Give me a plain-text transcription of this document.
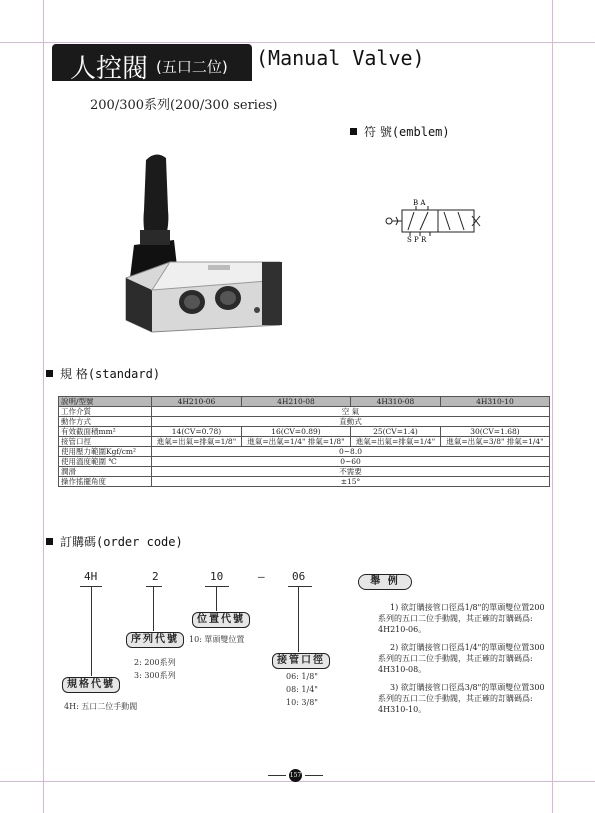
人控閥 (五口二位) (Manual Valve)
200/300系列(200/300 series)
符 號(emblem)
B A
S P R
規 格(standard)
說明/型號	4H210-06	4H210-08	4H310-08	4H310-10
工作介質	空 氣			
動作方式	直動式			
有效截面積mm²	14(CV=0.78)	16(CV=0.89)	25(CV=1.4)	30(CV=1.68)
接管口徑	進氣=出氣=排氣=1/8"	進氣=出氣=1/4" 排氣=1/8"	進氣=出氣=排氣=1/4"	進氣=出氣=3/8" 排氣=1/4"
使用壓力範圍Kgf/cm²	0~8.0			
使用溫度範圍 ℃	0~60			
潤滑	不需要			
操作搖擺角度	±15°			
訂購碼(order code)
4H	2	10	— 06
位置代號
10: 單頭雙位置
序列代號
2: 200系列
3: 300系列
接管口徑
06: 1/8"
08: 1/4"
10: 3/8"
規格代號
4H: 五口二位手動閥
舉 例
1) 欲訂購接管口徑爲1/8"的單頭雙位置200系列的五口二位手動閥，其正確的訂購碼爲: 4H210-06。
2) 欲訂購接管口徑爲1/4"的單頭雙位置300系列的五口二位手動閥，其正確的訂購碼爲: 4H310-08。
3) 欲訂購接管口徑爲3/8"的單頭雙位置300系列的五口二位手動閥，其正確的訂購碼爲: 4H310-10。
157
